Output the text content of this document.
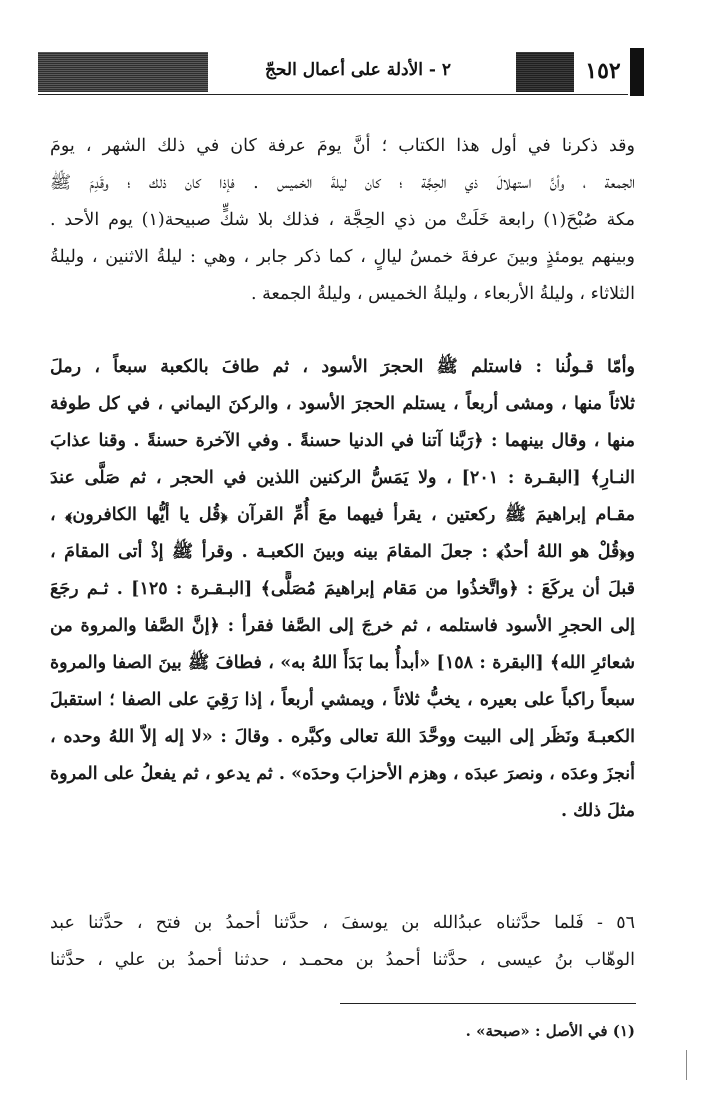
٢ - الأدلة على أعمال الحجّ	١٥٢
وقد ذكرنا في أول هذا الكتاب ؛ أنَّ يومَ عرفة كان في ذلك الشهر ، يومَ
الجمعة ، وأنَّ استهلالَ ذي الحِجَّة ؛ كان ليلةَ الخميس . فإذا كان ذلك ؛ وقَدِمَ ﷺ
مكة صُبْحَ(١) رابعة خَلَتْ من ذي الحِجَّة ، فذلك بلا شكٍّ صبيحة(١) يوم الأحد .
وبينهم يومئذٍ وبينَ عرفةَ خمسُ ليالٍ ، كما ذكر جابر ، وهي : ليلةُ الاثنين ، وليلةُ
الثلاثاء ، وليلةُ الأربعاء ، وليلةُ الخميس ، وليلةُ الجمعة .
وأمّا قـولُنا : فاستلم ﷺ الحجرَ الأسود ، ثم طافَ بالكعبة سبعاً ، رملَ
ثلاثاً منها ، ومشى أربعاً ، يستلم الحجرَ الأسود ، والركنَ اليماني ، في كل طوفة
منها ، وقال بينهما : ﴿رَبَّنا آتنا في الدنيا حسنةً . وفي الآخرة حسنةً . وقنا عذابَ
النـارِ﴾ [البقـرة : ٢٠١] ، ولا يَمَسُّ الركنين اللذين في الحجر ، ثم صَلَّى عندَ
مقـام إبراهيمَ ﷺ ركعتين ، يقرأ فيهما معَ أُمِّ القرآن ﴿قُل يا أيُّها الكافرون﴾ ،
و﴿قُلْ هو اللهُ أحدٌ﴾ : جعلَ المقامَ بينه وبينَ الكعبـة . وقرأ ﷺ إذْ أتى المقامَ ،
قبلَ أن يركَعَ : ﴿واتَّخذُوا من مَقام إبراهيمَ مُصَلًّى﴾ [البـقـرة : ١٢٥] . ثـم رجَعَ
إلى الحجرِ الأسود فاستلمه ، ثم خرجَ إلى الصَّفا فقرأ : ﴿إنَّ الصَّفا والمروة من
شعائرِ الله﴾ [البقرة : ١٥٨] «أبدأُ بما بَدَأَ اللهُ به» ، فطافَ ﷺ بينَ الصفا والمروة
سبعاً راكباً على بعيره ، يخبُّ ثلاثاً ، ويمشي أربعاً ، إذا رَقِيَ على الصفا ؛ استقبلَ
الكعبـةَ ونَظَر إلى البيت ووحَّدَ اللهَ تعالى وكبَّره . وقالَ : «لا إله إلاّ اللهُ وحده ،
أنجزَ وعدَه ، ونصرَ عبدَه ، وهزم الأحزابَ وحدَه» . ثم يدعو ، ثم يفعلُ على المروة
مثلَ ذلك .
٥٦ - فَلما حدَّثناه عبدُالله بن يوسفَ ، حدَّثنا أحمدُ بن فتح ، حدَّثنا عبد
الوهّاب بنُ عيسى ، حدَّثنا أحمدُ بن محمـد ، حدثنا أحمدُ بن علي ، حدَّثنا
(١) في الأصل : «صبحة» .
